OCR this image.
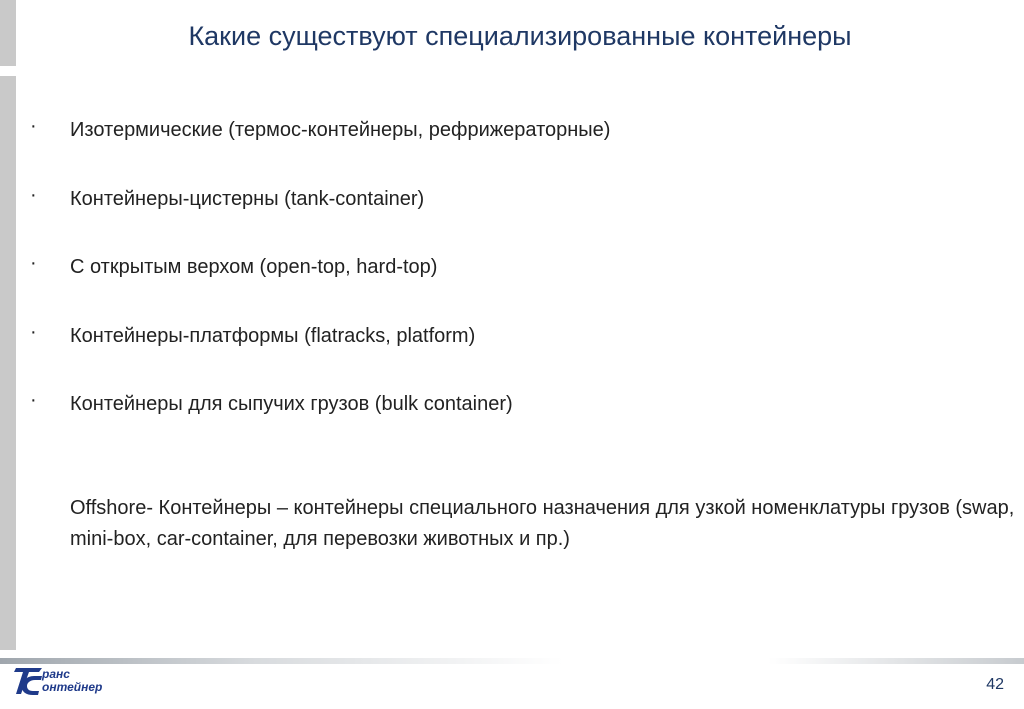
Какие существуют специализированные контейнеры
· Изотермические (термос-контейнеры, рефрижераторные)
· Контейнеры-цистерны (tank-container)
· С открытым верхом (open-top, hard-top)
· Контейнеры-платформы (flatracks, platform)
· Контейнеры для сыпучих грузов (bulk container)
Offshore- Контейнеры – контейнеры специального назначения для узкой номенклатуры грузов (swap, mini-box, car-container, для перевозки животных и пр.)
ранс
онтейнер	42
